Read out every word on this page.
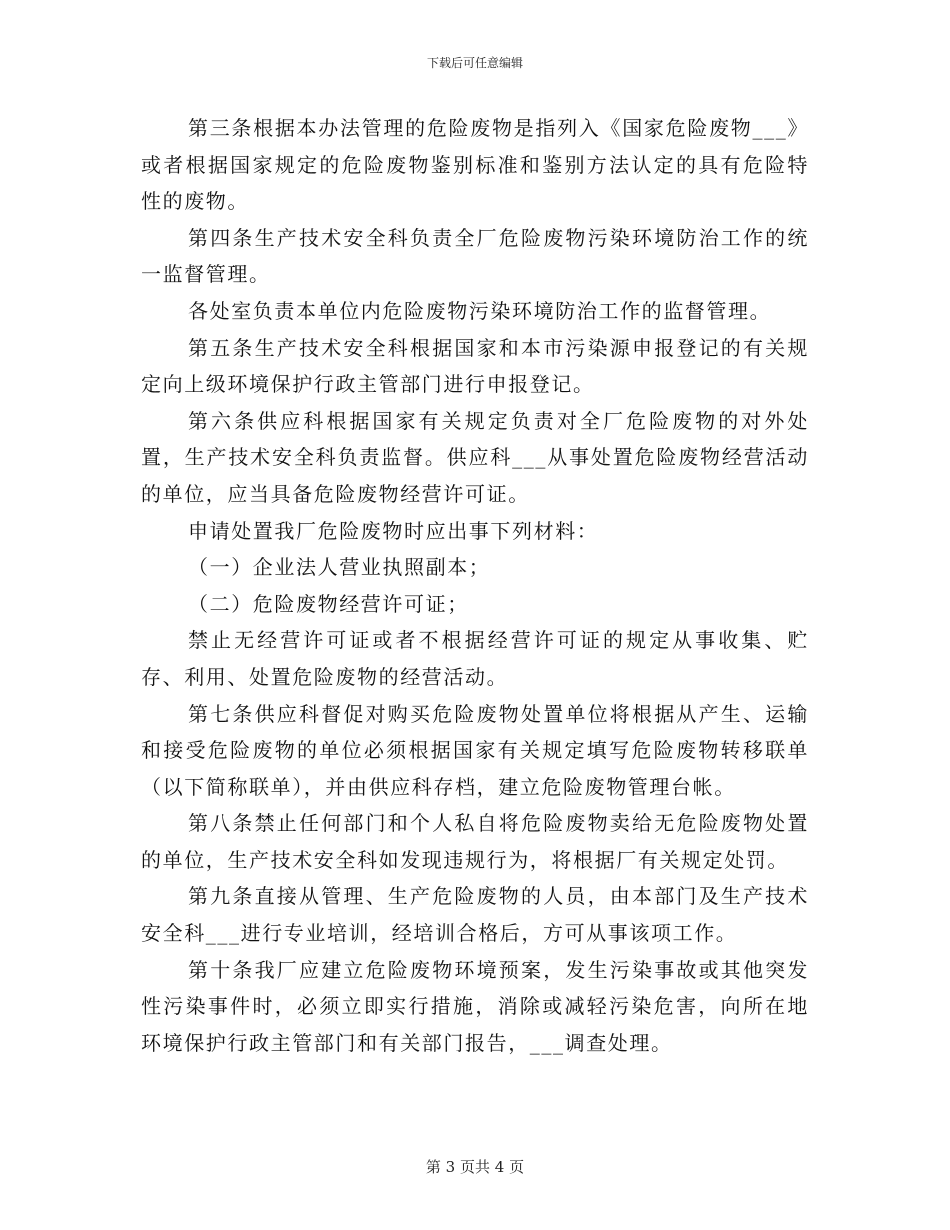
下载后可任意编辑

第三条根据本办法管理的危险废物是指列入《国家危险废物___》或者根据国家规定的危险废物鉴别标准和鉴别方法认定的具有危险特性的废物。

第四条生产技术安全科负责全厂危险废物污染环境防治工作的统一监督管理。

各处室负责本单位内危险废物污染环境防治工作的监督管理。

第五条生产技术安全科根据国家和本市污染源申报登记的有关规定向上级环境保护行政主管部门进行申报登记。

第六条供应科根据国家有关规定负责对全厂危险废物的对外处置，生产技术安全科负责监督。供应科___从事处置危险废物经营活动的单位，应当具备危险废物经营许可证。

申请处置我厂危险废物时应出事下列材料：

（一）企业法人营业执照副本；

（二）危险废物经营许可证；

禁止无经营许可证或者不根据经营许可证的规定从事收集、贮存、利用、处置危险废物的经营活动。

第七条供应科督促对购买危险废物处置单位将根据从产生、运输和接受危险废物的单位必须根据国家有关规定填写危险废物转移联单（以下简称联单），并由供应科存档，建立危险废物管理台帐。

第八条禁止任何部门和个人私自将危险废物卖给无危险废物处置的单位，生产技术安全科如发现违规行为，将根据厂有关规定处罚。

第九条直接从管理、生产危险废物的人员，由本部门及生产技术安全科___进行专业培训，经培训合格后，方可从事该项工作。

第十条我厂应建立危险废物环境预案，发生污染事故或其他突发性污染事件时，必须立即实行措施，消除或减轻污染危害，向所在地环境保护行政主管部门和有关部门报告，___调查处理。

第 3 页共 4 页
